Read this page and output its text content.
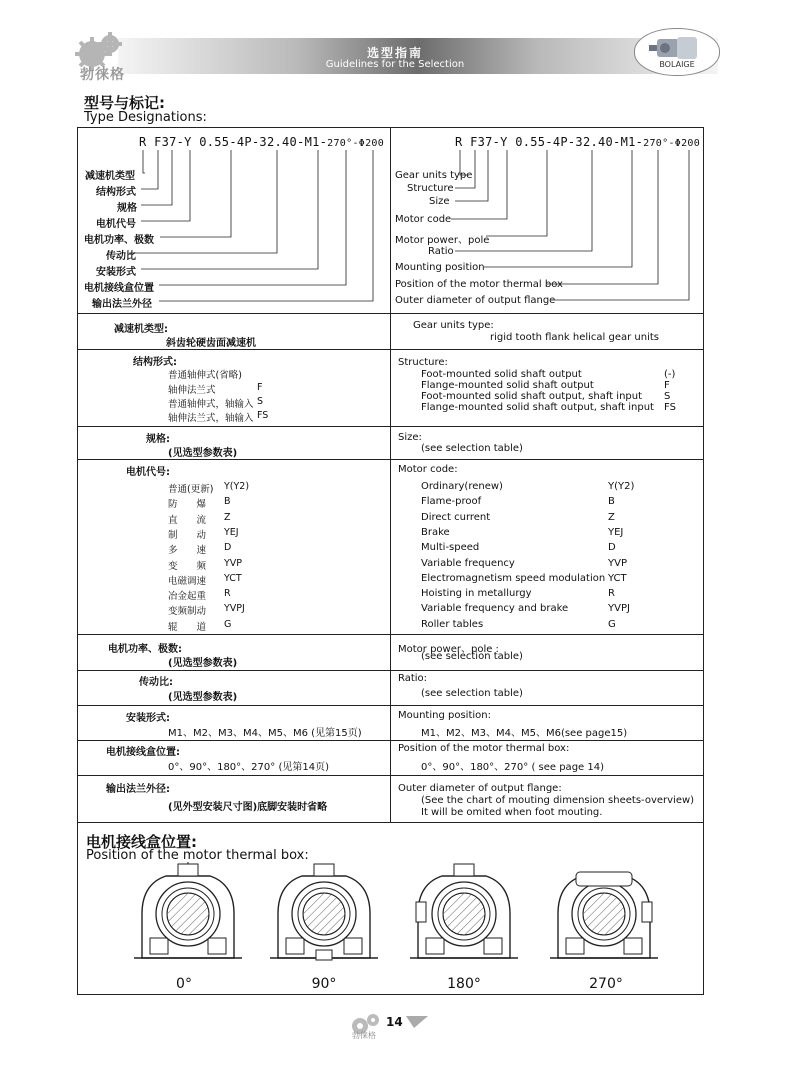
勃徕格
选型指南
Guidelines for the Selection	BOLAIGE
型号与标记:
Type Designations:
R F37-Y 0.55-4P-32.40-M1-270°-Φ200	R F37-Y 0.55-4P-32.40-M1-270°-Φ200
减速机类型
结构形式
规格
电机代号
电机功率、极数
传动比
安装形式
电机接线盒位置
输出法兰外径
Gear units type
Structure
Size
Motor code
Motor power、pole
Ratio
Mounting position
Position of the motor thermal box
Outer diameter of output flange
减速机类型:
斜齿轮硬齿面减速机
Gear units type:
rigid tooth flank helical gear units
结构形式:	Structure:
普通轴伸式(省略)
轴伸法兰式	F
普通轴伸式，轴输入 S
轴伸法兰式，轴输入 FS
Foot-mounted solid shaft output	(-)
Flange-mounted solid shaft output	F
Foot-mounted solid shaft output, shaft input S
Flange-mounted solid shaft output, shaft input FS
规格:
(见选型参数表)
Size:
(see selection table)
电机代号:	Motor code:
普通(更新) Y(Y2)	Ordinary(renew)	Y(Y2)
防　　爆 B	Flame-proof	B
直　　流 Z	Direct current	Z
制　　动 YEJ	Brake	YEJ
多　　速 D	Multi-speed	D
变　　频 YVP	Variable frequency	YVP
电磁调速 YCT	Electromagnetism speed modulation YCT
冶金起重 R	Hoisting in metallurgy	R
变频制动 YVPJ	Variable frequency and brake	YVPJ
辊　　道 G	Roller tables	G
电机功率、极数:
(见选型参数表)
Motor power、pole :
(see selection table)
传动比:
(见选型参数表)
Ratio:
(see selection table)
安装形式:
M1、M2、M3、M4、M5、M6 (见第15页)
Mounting position:
M1、M2、M3、M4、M5、M6(see page15)
电机接线盒位置:
0°、90°、180°、270° (见第14页)
Position of the motor thermal box:
0°、90°、180°、270° ( see page 14)
输出法兰外径:
(见外型安装尺寸图)底脚安装时省略
Outer diameter of output flange:
(See the chart of mouting dimension sheets-overview)
It will be omited when foot mouting.
电机接线盒位置:
Position of the motor thermal box:
0°	90°	180°	270°
勃徕格
14
